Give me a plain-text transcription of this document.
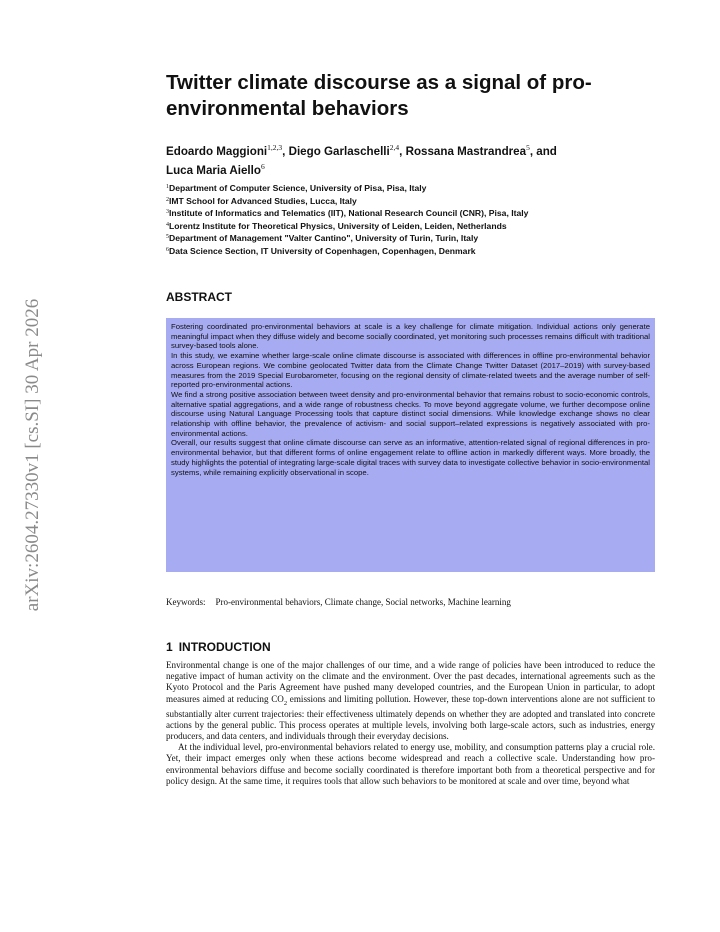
arXiv:2604.27330v1 [cs.SI] 30 Apr 2026
Twitter climate discourse as a signal of pro-environmental behaviors
Edoardo Maggioni$^{1,2,3}$, Diego Garlaschelli$^{2,4}$, Rossana Mastrandrea$^5$, and
Luca Maria Aiello$^6$
$^1$Department of Computer Science, University of Pisa, Pisa, Italy
$^2$IMT School for Advanced Studies, Lucca, Italy
$^3$Institute of Informatics and Telematics (IIT), National Research Council (CNR), Pisa, Italy
$^4$Lorentz Institute for Theoretical Physics, University of Leiden, Leiden, Netherlands
$^5$Department of Management "Valter Cantino", University of Turin, Turin, Italy
$^6$Data Science Section, IT University of Copenhagen, Copenhagen, Denmark
ABSTRACT

Fostering coordinated pro-environmental behaviors at scale is a key challenge for climate mitigation. Individual actions only generate meaningful impact when they diffuse widely and become socially coordinated, yet monitoring such processes remains difficult with traditional survey-based tools alone.

In this study, we examine whether large-scale online climate discourse is associated with differences in offline pro-environmental behavior across European regions. We combine geolocated Twitter data from the Climate Change Twitter Dataset (2017–2019) with survey-based measures from the 2019 Special Eurobarometer, focusing on the regional density of climate-related tweets and the average number of self-reported pro-environmental actions.

We find a strong positive association between tweet density and pro-environmental behavior that remains robust to socio-economic controls, alternative spatial aggregations, and a wide range of robustness checks. To move beyond aggregate volume, we further decompose online discourse using Natural Language Processing tools that capture distinct social dimensions. While knowledge exchange shows no clear relationship with offline behavior, the prevalence of activism- and social support–related expressions is negatively associated with pro-environmental actions.

Overall, our results suggest that online climate discourse can serve as an informative, attention-related signal of regional differences in pro-environmental behavior, but that different forms of online engagement relate to offline action in markedly different ways. More broadly, the study highlights the potential of integrating large-scale digital traces with survey data to investigate collective behavior in socio-environmental systems, while remaining explicitly observational in scope.

Keywords: Pro-environmental behaviors, Climate change, Social networks, Machine learning
1 INTRODUCTION

Environmental change is one of the major challenges of our time, and a wide range of policies have been introduced to reduce the negative impact of human activity on the climate and the environment. Over the past decades, international agreements such as the Kyoto Protocol and the Paris Agreement have pushed many developed countries, and the European Union in particular, to adopt measures aimed at reducing $CO_2$ emissions and limiting pollution. However, these top-down interventions alone are not sufficient to substantially alter current trajectories: their effectiveness ultimately depends on whether they are adopted and translated into concrete actions by the general public. This process operates at multiple levels, involving both large-scale actors, such as industries, energy producers, and data centers, and individuals through their everyday decisions.

At the individual level, pro-environmental behaviors related to energy use, mobility, and consumption patterns play a crucial role. Yet, their impact emerges only when these actions become widespread and reach a collective scale. Understanding how pro-environmental behaviors diffuse and become socially coordinated is therefore important both from a theoretical perspective and for policy design. At the same time, it requires tools that allow such behaviors to be monitored at scale and over time, beyond what
